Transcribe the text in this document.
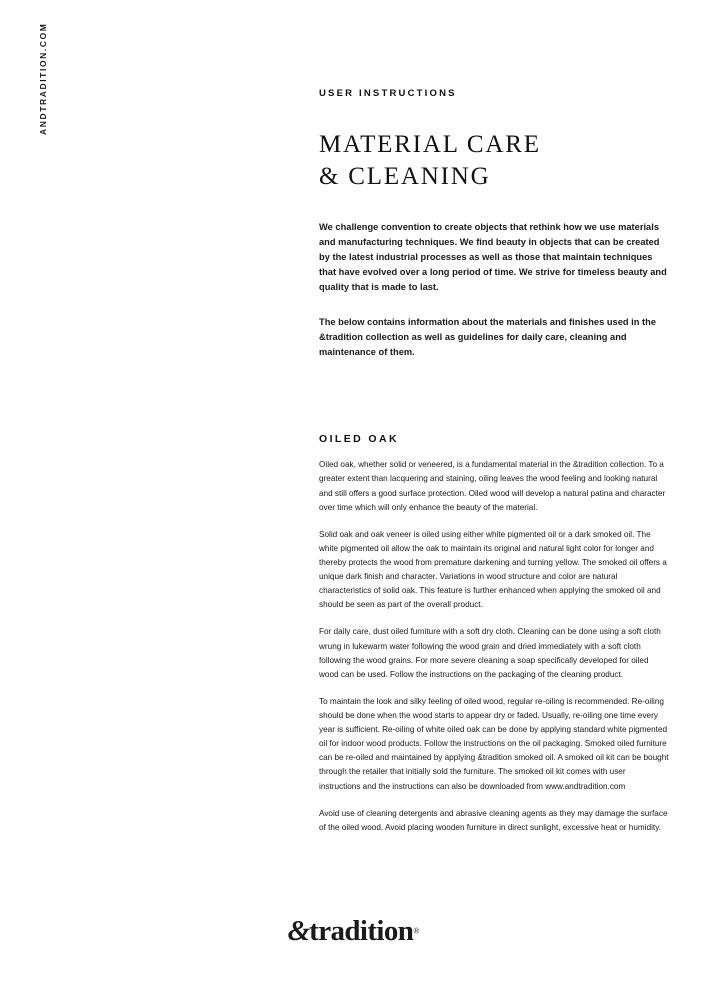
ANDTRADITION.COM	USER INSTRUCTIONS
MATERIAL CARE
& CLEANING

We challenge convention to create objects that rethink how we use materials and manufacturing techniques. We find beauty in objects that can be created by the latest industrial processes as well as those that maintain techniques that have evolved over a long period of time. We strive for timeless beauty and quality that is made to last.

The below contains information about the materials and finishes used in the &tradition collection as well as guidelines for daily care, cleaning and maintenance of them.

OILED OAK

Oiled oak, whether solid or veneered, is a fundamental material in the &tradition collection. To a greater extent than lacquering and staining, oiling leaves the wood feeling and looking natural and still offers a good surface protection. Oiled wood will develop a natural patina and character over time which will only enhance the beauty of the material.

Solid oak and oak veneer is oiled using either white pigmented oil or a dark smoked oil. The white pigmented oil allow the oak to maintain its original and natural light color for longer and thereby protects the wood from premature darkening and turning yellow. The smoked oil offers a unique dark finish and character. Variations in wood structure and color are natural characteristics of solid oak. This feature is further enhanced when applying the smoked oil and should be seen as part of the overall product.

For daily care, dust oiled furniture with a soft dry cloth. Cleaning can be done using a soft cloth wrung in lukewarm water following the wood grain and dried immediately with a soft cloth following the wood grains. For more severe cleaning a soap specifically developed for oiled wood can be used. Follow the instructions on the packaging of the cleaning product.

To maintain the look and silky feeling of oiled wood, regular re-oiling is recommended. Re-oiling should be done when the wood starts to appear dry or faded. Usually, re-oiling one time every year is sufficient. Re-oiling of white oiled oak can be done by applying standard white pigmented oil for indoor wood products. Follow the instructions on the oil packaging. Smoked oiled furniture can be re-oiled and maintained by applying &tradition smoked oil. A smoked oil kit can be bought through the retailer that initially sold the furniture. The smoked oil kit comes with user instructions and the instructions can also be downloaded from www.andtradition.com

Avoid use of cleaning detergents and abrasive cleaning agents as they may damage the surface of the oiled wood. Avoid placing wooden furniture in direct sunlight, excessive heat or humidity.

&tradition®
